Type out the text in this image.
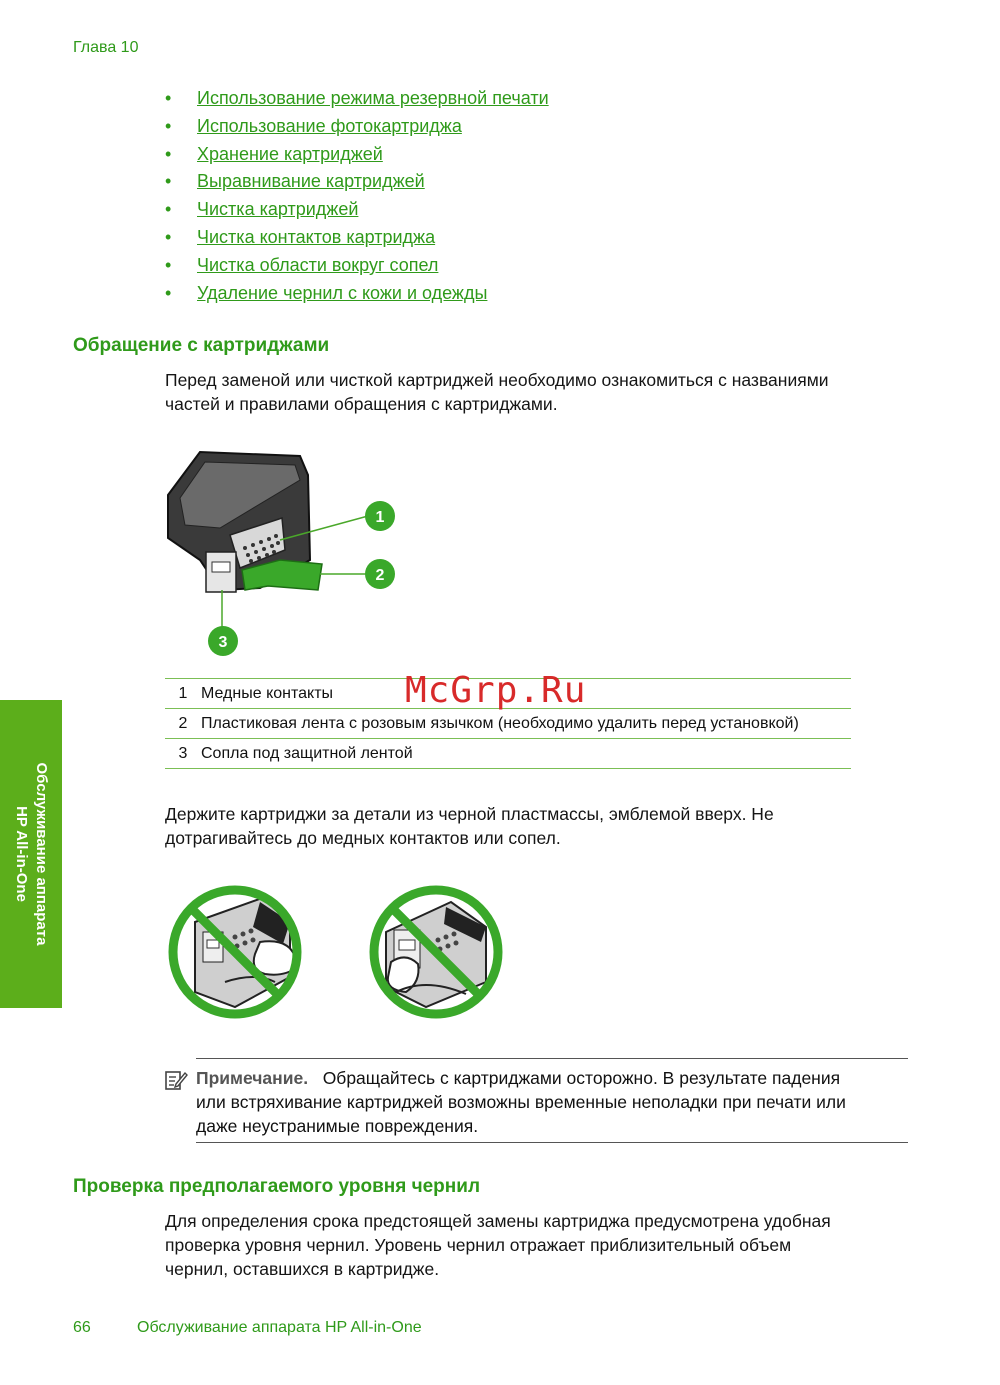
Глава 10
• Использование режима резервной печати
• Использование фотокартриджа
• Хранение картриджей
• Выравнивание картриджей
• Чистка картриджей
• Чистка контактов картриджа
• Чистка области вокруг сопел
• Удаление чернил с кожи и одежды
Обращение с картриджами
Перед заменой или чисткой картриджей необходимо ознакомиться с названиями
частей и правилами обращения с картриджами.
1
2
3
1	Медные контакты
2	Пластиковая лента с розовым язычком (необходимо удалить перед установкой)
3	Сопла под защитной лентой
McGrp.Ru
Держите картриджи за детали из черной пластмассы, эмблемой вверх. Не
дотрагивайтесь до медных контактов или сопел.
Примечание. Обращайтесь с картриджами осторожно. В результате падения
или встряхивание картриджей возможны временные неполадки при печати или
даже неустранимые повреждения.
Проверка предполагаемого уровня чернил
Для определения срока предстоящей замены картриджа предусмотрена удобная
проверка уровня чернил. Уровень чернил отражает приблизительный объем
чернил, оставшихся в картридже.
Обслуживание аппарата
HP All-in-One
66	Обслуживание аппарата HP All-in-One
